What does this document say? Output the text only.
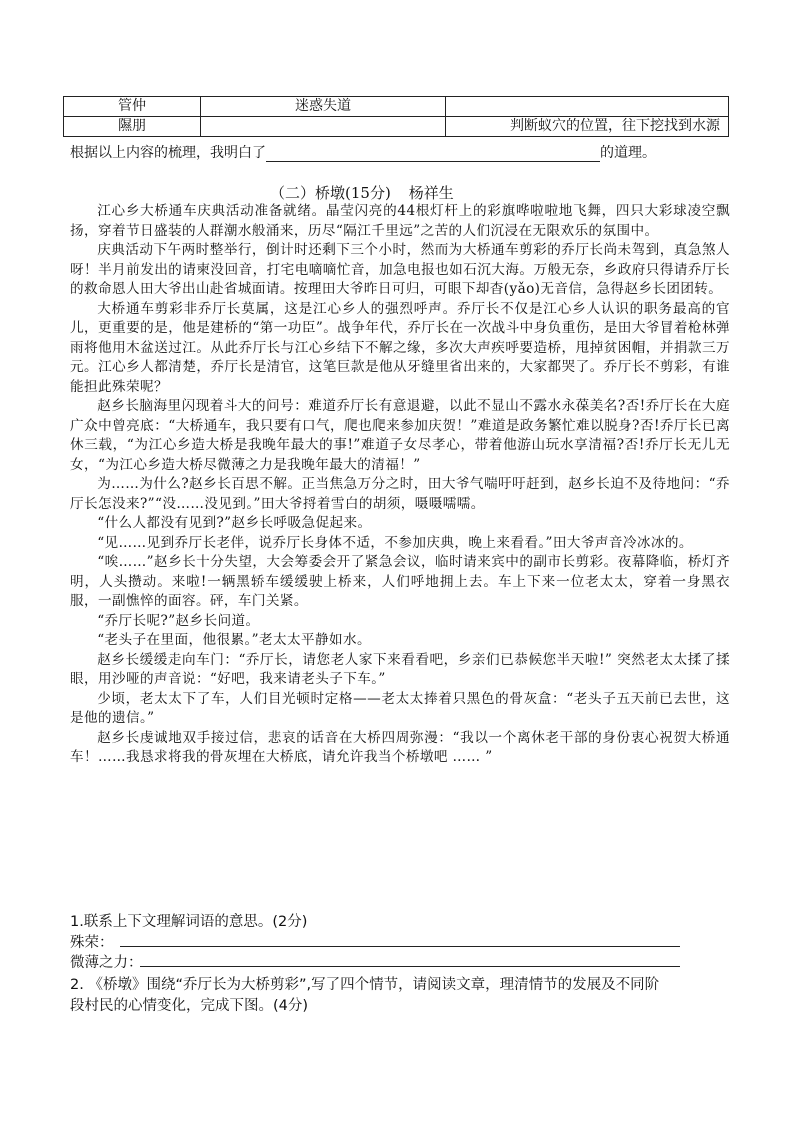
管仲	迷惑失道	
隰朋		判断蚁穴的位置，往下挖找到水源
根据以上内容的梳理，我明白了	的道理。
（二）桥墩(15分) 杨祥生

江心乡大桥通车庆典活动准备就绪。晶莹闪亮的44根灯杆上的彩旗哗啦啦地飞舞，四只大彩球凌空飘扬，穿着节日盛装的人群潮水般涌来，历尽“隔江千里远”之苦的人们沉浸在无限欢乐的氛围中。

庆典活动下午两时整举行，倒计时还剩下三个小时，然而为大桥通车剪彩的乔厅长尚未驾到，真急煞人呀！半月前发出的请柬没回音，打宅电嘀嘀忙音，加急电报也如石沉大海。万般无奈，乡政府只得请乔厅长的救命恩人田大爷出山赴省城面请。按理田大爷昨日可归，可眼下却杳(yǎo)无音信，急得赵乡长团团转。

大桥通车剪彩非乔厅长莫属，这是江心乡人的强烈呼声。乔厅长不仅是江心乡人认识的职务最高的官儿，更重要的是，他是建桥的“第一功臣”。战争年代，乔厅长在一次战斗中身负重伤，是田大爷冒着枪林弹雨将他用木盆送过江。从此乔厅长与江心乡结下不解之缘，多次大声疾呼要造桥，甩掉贫困帽，并捐款三万元。江心乡人都清楚，乔厅长是清官，这笔巨款是他从牙缝里省出来的，大家都哭了。乔厅长不剪彩，有谁能担此殊荣呢？

赵乡长脑海里闪现着斗大的问号：难道乔厅长有意退避，以此不显山不露水永葆美名?否!乔厅长在大庭广众中曾亮底：“大桥通车，我只要有口气，爬也爬来参加庆贺！”难道是政务繁忙难以脱身?否!乔厅长已离休三载，“为江心乡造大桥是我晚年最大的事!”难道子女尽孝心，带着他游山玩水享清福?否!乔厅长无儿无女，“为江心乡造大桥尽微薄之力是我晚年最大的清福！”

为……为什么?赵乡长百思不解。正当焦急万分之时，田大爷气喘吁吁赶到，赵乡长迫不及待地问：“乔厅长怎没来?”“没……没见到。”田大爷捋着雪白的胡须，嗫嗫嚅嚅。

“什么人都没有见到?”赵乡长呼吸急促起来。

“见……见到乔厅长老伴，说乔厅长身体不适，不参加庆典，晚上来看看。”田大爷声音冷冰冰的。

“唉……”赵乡长十分失望，大会筹委会开了紧急会议，临时请来宾中的副市长剪彩。夜幕降临，桥灯齐明，人头攒动。来啦!一辆黑轿车缓缓驶上桥来，人们呼地拥上去。车上下来一位老太太，穿着一身黑衣服，一副憔悴的面容。砰，车门关紧。

“乔厅长呢?”赵乡长问道。

“老头子在里面，他很累。”老太太平静如水。

赵乡长缓缓走向车门：“乔厅长，请您老人家下来看看吧，乡亲们已恭候您半天啦!” 突然老太太揉了揉眼，用沙哑的声音说：“好吧，我来请老头子下车。”

少顷，老太太下了车，人们目光顿时定格——老太太捧着只黑色的骨灰盒：“老头子五天前已去世，这是他的遗信。”

赵乡长虔诚地双手接过信，悲哀的话音在大桥四周弥漫：“我以一个离休老干部的身份衷心祝贺大桥通车！……我恳求将我的骨灰埋在大桥底，请允许我当个桥墩吧 …… ”

1.联系上下文理解词语的意思。(2分)
殊荣：
微薄之力：
2. 《桥墩》围绕“乔厅长为大桥剪彩”,写了四个情节，请阅读文章，理清情节的发展及不同阶
段村民的心情变化，完成下图。(4分)
